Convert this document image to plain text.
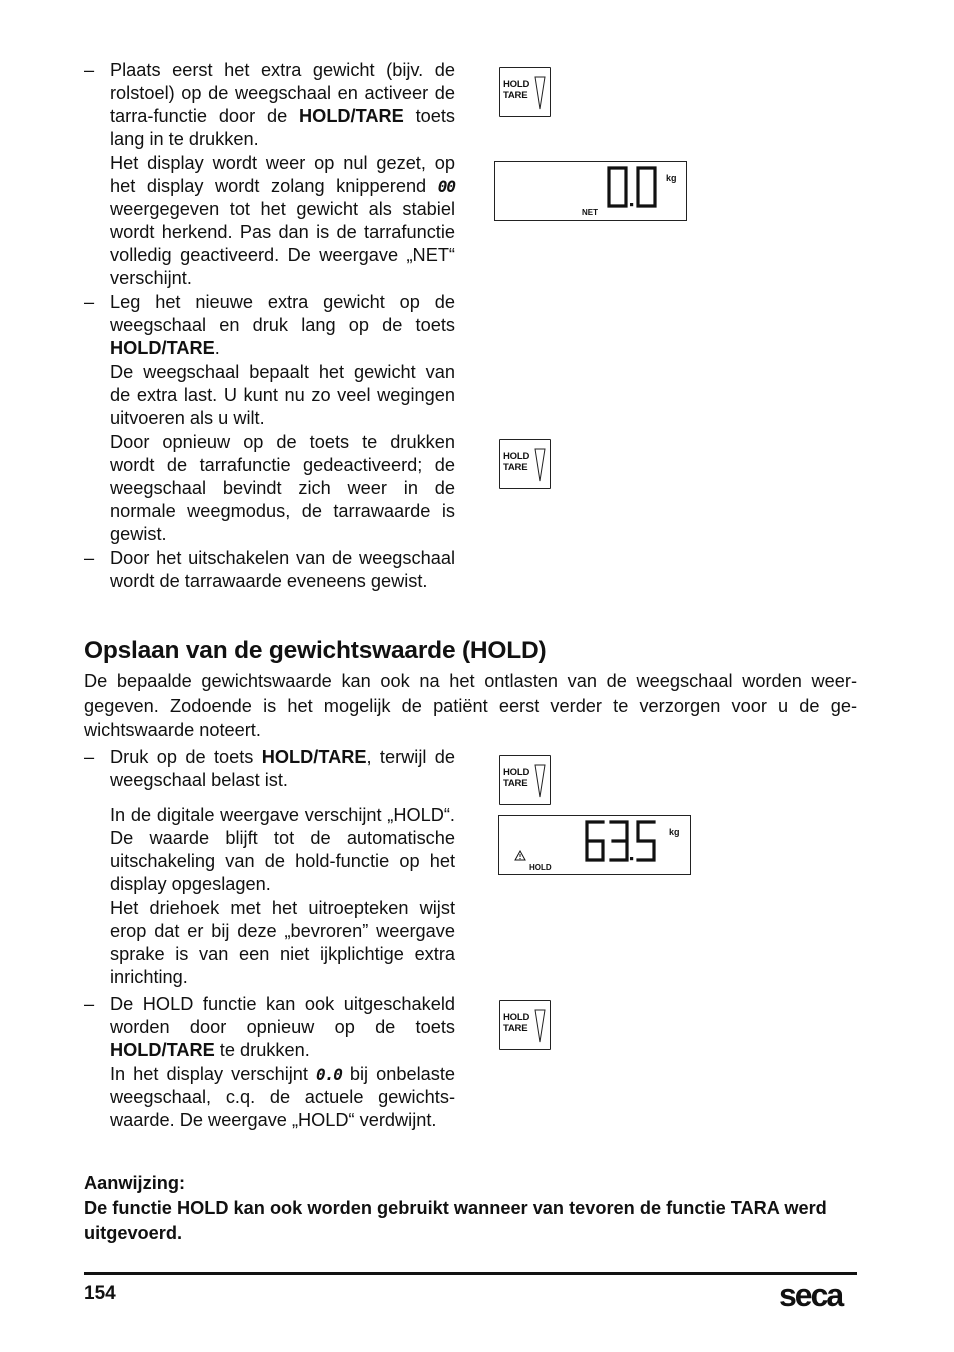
– Plaats eerst het extra gewicht (bijv. de rolstoel) op de weegschaal en activeer de tarra-functie door de HOLD/TARE toets lang in te drukken.

Het display wordt weer op nul gezet, op het display wordt zolang knipperend 00 weergegeven tot het gewicht als stabiel wordt herkend. Pas dan is de tarrafunctie volledig geactiveerd. De weergave „NET“ verschijnt.

– Leg het nieuwe extra gewicht op de weegschaal en druk lang op de toets HOLD/TARE.

De weegschaal bepaalt het gewicht van de extra last. U kunt nu zo veel wegingen uitvoeren als u wilt.

Door opnieuw op de toets te drukken wordt de tarrafunctie gedeactiveerd; de weegschaal bevindt zich weer in de normale weegmodus, de tarrawaarde is gewist.

– Door het uitschakelen van de weegschaal wordt de tarrawaarde eveneens gewist.

Opslaan van de gewichtswaarde (HOLD)

De bepaalde gewichtswaarde kan ook na het ontlasten van de weegschaal worden weergegeven. Zodoende is het mogelijk de patiënt eerst verder te verzorgen voor u de gewichtswaarde noteert.

– Druk op de toets HOLD/TARE, terwijl de weegschaal belast ist.

In de digitale weergave verschijnt „HOLD“. De waarde blijft tot de automatische uitschakeling van de hold-functie op het display opgeslagen.

Het driehoek met het uitroepteken wijst erop dat er bij deze „bevroren” weergave sprake is van een niet ijkplichtige extra inrichting.

– De HOLD functie kan ook uitgeschakeld worden door opnieuw op de toets HOLD/TARE te drukken.

In het display verschijnt 0.0 bij onbelaste weegschaal, c.q. de actuele gewichtswaarde. De weergave „HOLD“ verdwijnt.

Aanwijzing:

De functie HOLD kan ook worden gebruikt wanneer van tevoren de functie TARA werd uitgevoerd.

154	seca
HOLD
TARE
HOLD
TARE
HOLD
TARE
HOLD
TARE
kg
NET
kg
HOLD
